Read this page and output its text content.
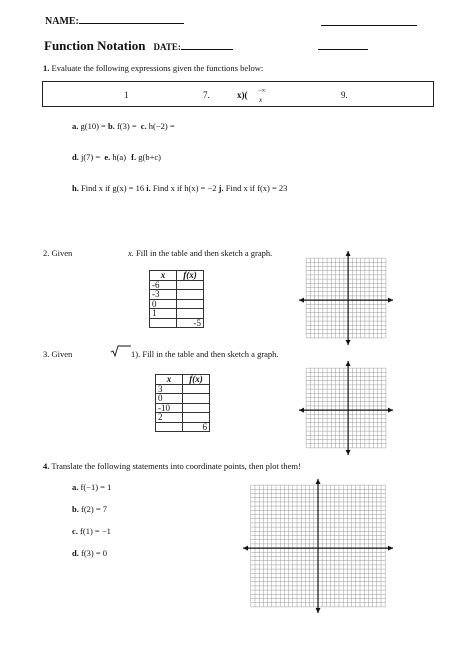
NAME:
Function Notation DATE:
1. Evaluate the following expressions given the functions below:
1	7.	x)( −∞
x	9.
a. g(10) = b. f(3) = c. h(−2) =
d. j(7) = e. h(a) f. g(b+c)
h. Find x if g(x) = 16 i. Find x if h(x) = −2 j. Find x if f(x) = 23
2. Given	x. Fill in the table and then sketch a graph.
x	f(x)
-6	
-3	
0	
1	
	-5
3. Given	1). Fill in the table and then sketch a graph.
x	f(x)
3	
0	
-10	
2	
	6
4. Translate the following statements into coordinate points, then plot them!
a. f(−1) = 1
b. f(2) = 7
c. f(1) = −1
d. f(3) = 0
